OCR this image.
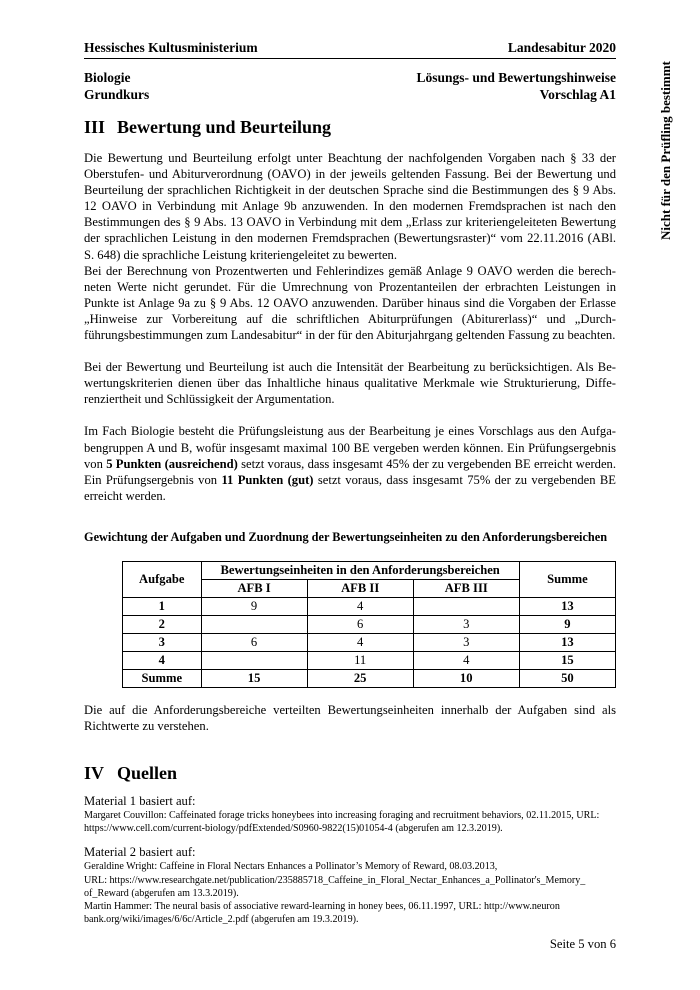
Nicht für den Prüfling bestimmt
Hessisches Kultusministerium	Landesabitur 2020
Biologie
Grundkurs
Lösungs- und Bewertungshinweise
Vorschlag A1
III Bewertung und Beurteilung

Die Bewertung und Beurteilung erfolgt unter Beachtung der nachfolgenden Vorgaben nach § 33 der Oberstufen- und Abiturverordnung (OAVO) in der jeweils geltenden Fassung. Bei der Bewertung und Beurteilung der sprachlichen Richtigkeit in der deutschen Sprache sind die Bestimmungen des § 9 Abs. 12 OAVO in Verbindung mit Anlage 9b anzuwenden. In den modernen Fremdsprachen ist nach den Bestimmungen des § 9 Abs. 13 OAVO in Verbindung mit dem „Erlass zur kriteriengeleiteten Bewertung der sprachlichen Leistung in den modernen Fremdsprachen (Bewertungsraster)“ vom 22.11.2016 (ABl. S. 648) die sprachliche Leistung kriteriengeleitet zu bewerten.

Bei der Berechnung von Prozentwerten und Fehlerindizes gemäß Anlage 9 OAVO werden die berechneten Werte nicht gerundet. Für die Umrechnung von Prozentanteilen der erbrachten Leistungen in Punkte ist Anlage 9a zu § 9 Abs. 12 OAVO anzuwenden. Darüber hinaus sind die Vorgaben der Erlasse „Hinweise zur Vorbereitung auf die schriftlichen Abiturprüfungen (Abiturerlass)“ und „Durchführungsbestimmungen zum Landesabitur“ in der für den Abiturjahrgang geltenden Fassung zu beachten.

Bei der Bewertung und Beurteilung ist auch die Intensität der Bearbeitung zu berücksichtigen. Als Bewertungskriterien dienen über das Inhaltliche hinaus qualitative Merkmale wie Strukturierung, Differenziertheit und Schlüssigkeit der Argumentation.

Im Fach Biologie besteht die Prüfungsleistung aus der Bearbeitung je eines Vorschlags aus den Aufgabengruppen A und B, wofür insgesamt maximal 100 BE vergeben werden können. Ein Prüfungsergebnis von 5 Punkten (ausreichend) setzt voraus, dass insgesamt 45% der zu vergebenden BE erreicht werden. Ein Prüfungsergebnis von 11 Punkten (gut) setzt voraus, dass insgesamt 75% der zu vergebenden BE erreicht werden.

Gewichtung der Aufgaben und Zuordnung der Bewertungseinheiten zu den Anforderungsbereichen
Aufgabe	Bewertungseinheiten in den Anforderungsbereichen			Summe
	AFB I	AFB II	AFB III	
1	9	4		13
2		6	3	9
3	6	4	3	13
4		11	4	15
Summe	15	25	10	50

Die auf die Anforderungsbereiche verteilten Bewertungseinheiten innerhalb der Aufgaben sind als Richtwerte zu verstehen.

IV Quellen
Material 1 basiert auf:
Margaret Couvillon: Caffeinated forage tricks honeybees into increasing foraging and recruitment behaviors, 02.11.2015, URL: https://www.cell.com/current-biology/pdfExtended/S0960-9822(15)01054-4 (abgerufen am 12.3.2019).
Material 2 basiert auf:
Geraldine Wright: Caffeine in Floral Nectars Enhances a Pollinator’s Memory of Reward, 08.03.2013,
URL: https://www.researchgate.net/publication/235885718_Caffeine_in_Floral_Nectar_Enhances_a_Pollinator's_Memory_ of_Reward (abgerufen am 13.3.2019).
Martin Hammer: The neural basis of associative reward-learning in honey bees, 06.11.1997, URL: http://www.neuron bank.org/wiki/images/6/6c/Article_2.pdf (abgerufen am 19.3.2019).
Seite 5 von 6
